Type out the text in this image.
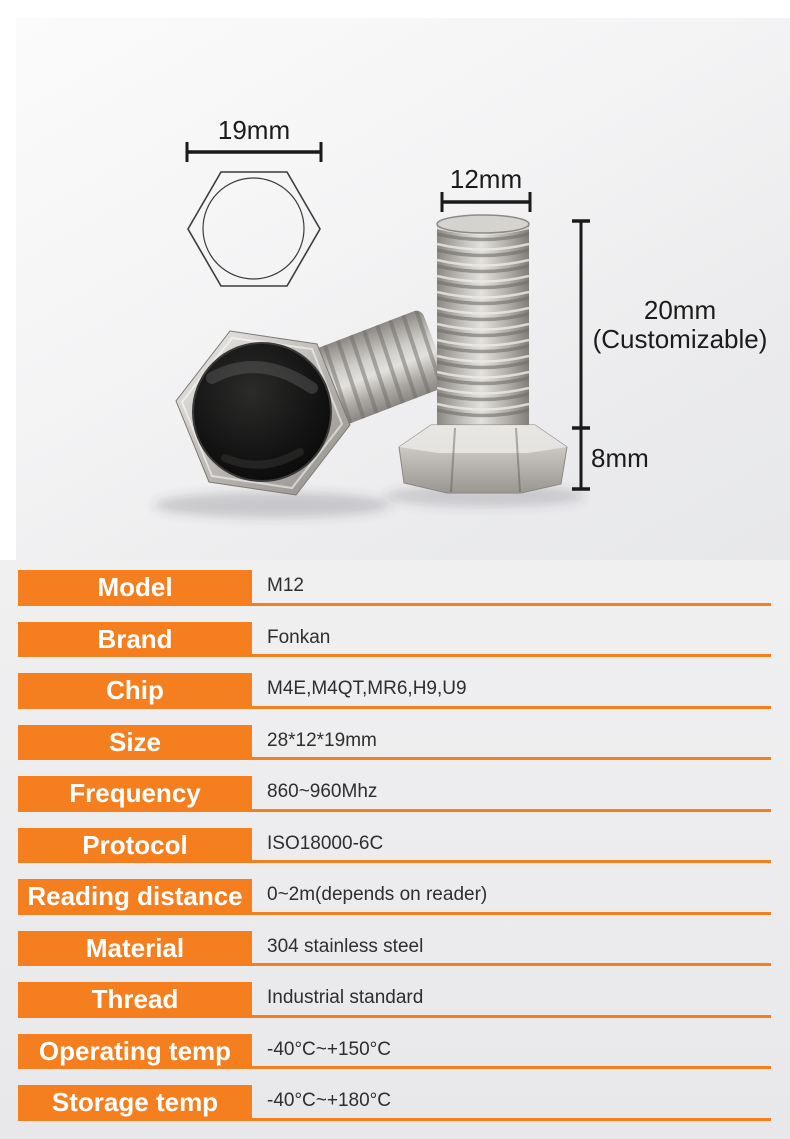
19mm
12mm
20mm
(Customizable)
8mm
Model	M12
Brand	Fonkan
Chip	M4E,M4QT,MR6,H9,U9
Size	28*12*19mm
Frequency	860~960Mhz
Protocol	ISO18000-6C
Reading distance	0~2m(depends on reader)
Material	304 stainless steel
Thread	Industrial standard
Operating temp	-40°C~+150°C
Storage temp	-40°C~+180°C
